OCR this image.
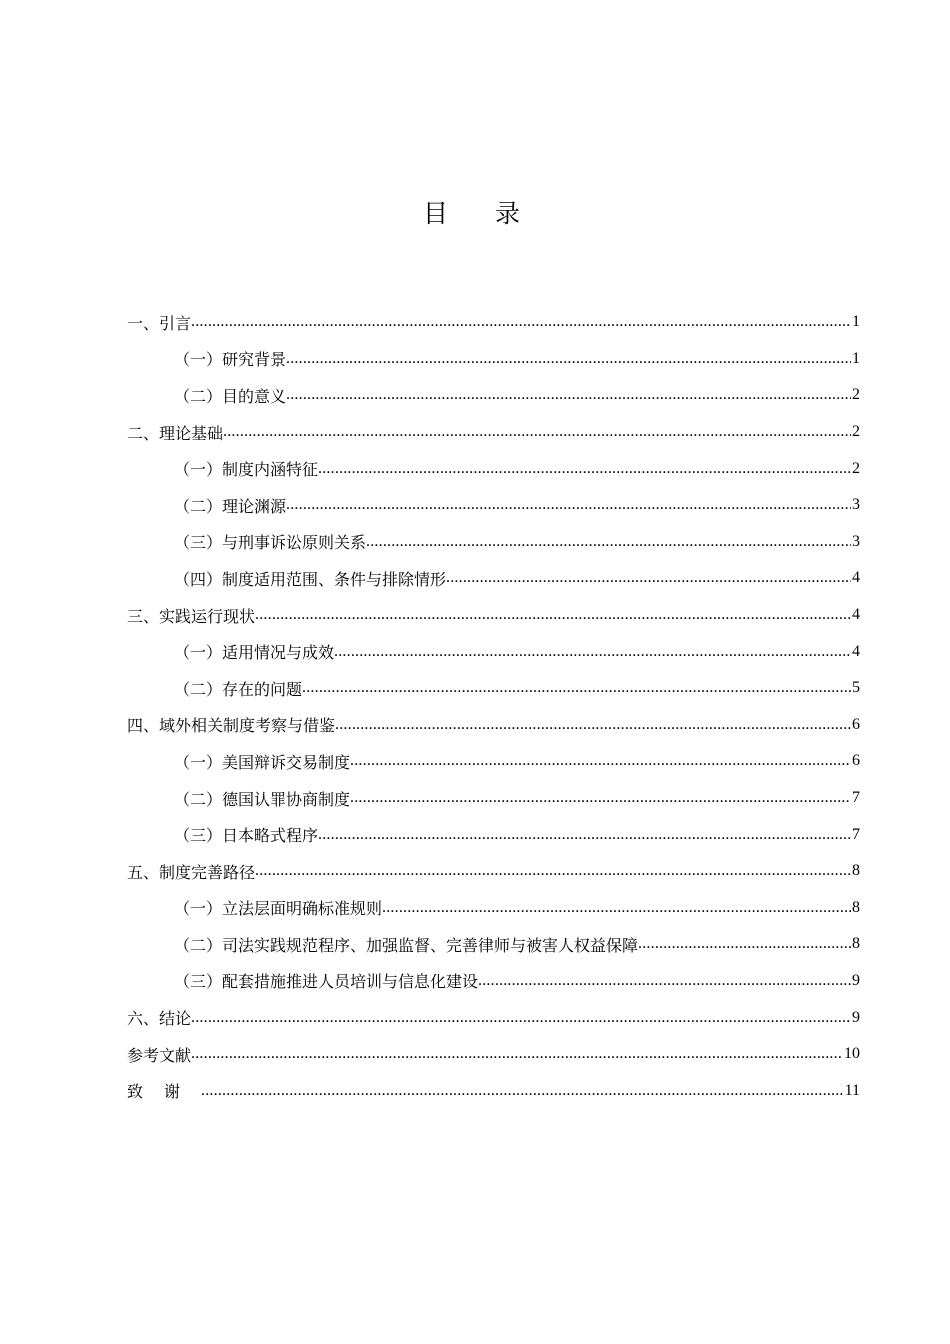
目录
一、引言 .....	1
（一）研究背景 .....	1
（二）目的意义 .....	2
二、理论基础 .....	2
（一）制度内涵特征 .....	2
（二）理论渊源 .....	3
（三）与刑事诉讼原则关系 .....	3
（四）制度适用范围、条件与排除情形 .....	4
三、实践运行现状 .....	4
（一）适用情况与成效 .....	4
（二）存在的问题 .....	5
四、域外相关制度考察与借鉴 .....	6
（一）美国辩诉交易制度 .....	6
（二）德国认罪协商制度 .....	7
（三）日本略式程序 .....	7
五、制度完善路径 .....	8
（一）立法层面明确标准规则 .....	8
（二）司法实践规范程序、加强监督、完善律师与被害人权益保障 .....	8
（三）配套措施推进人员培训与信息化建设 .....	9
六、结论 .....	9
参考文献 .....	10
致谢 .....	11
